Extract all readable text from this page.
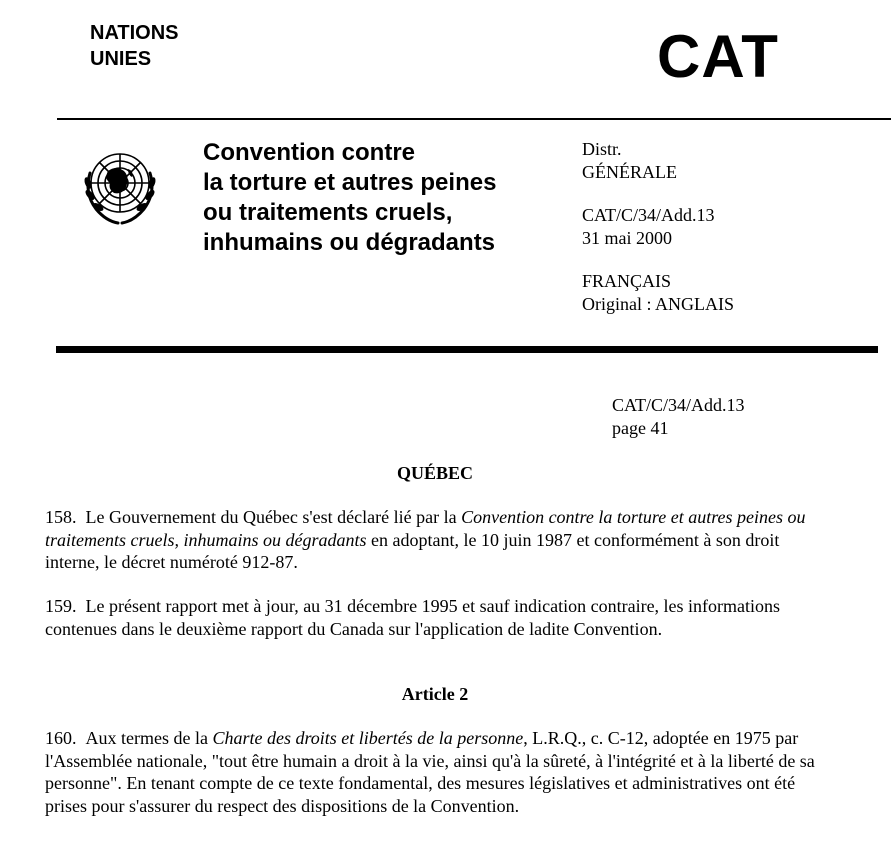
NATIONS
UNIES	CAT
Convention contre
la torture et autres peines
ou traitements cruels,
inhumains ou dégradants
Distr.
GÉNÉRALE
CAT/C/34/Add.13
31 mai 2000
FRANÇAIS
Original : ANGLAIS
CAT/C/34/Add.13
page 41
QUÉBEC
158. Le Gouvernement du Québec s'est déclaré lié par la Convention contre la torture et autres peines ou traitements cruels, inhumains ou dégradants en adoptant, le 10 juin 1987 et conformément à son droit interne, le décret numéroté 912-87.
159. Le présent rapport met à jour, au 31 décembre 1995 et sauf indication contraire, les informations contenues dans le deuxième rapport du Canada sur l'application de ladite Convention.
Article 2
160. Aux termes de la Charte des droits et libertés de la personne, L.R.Q., c. C-12, adoptée en 1975 par l'Assemblée nationale, "tout être humain a droit à la vie, ainsi qu'à la sûreté, à l'intégrité et à la liberté de sa personne". En tenant compte de ce texte fondamental, des mesures législatives et administratives ont été prises pour s'assurer du respect des dispositions de la Convention.
